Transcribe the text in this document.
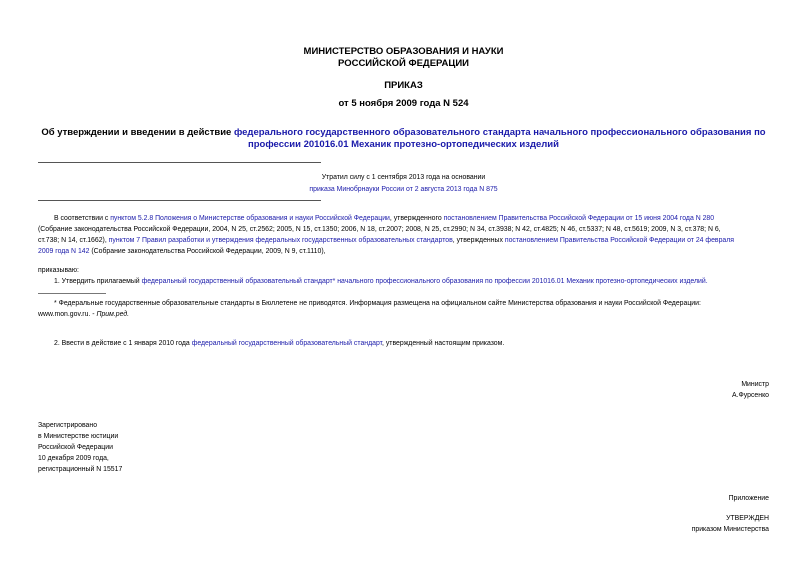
МИНИСТЕРСТВО ОБРАЗОВАНИЯ И НАУКИ
РОССИЙСКОЙ ФЕДЕРАЦИИ
ПРИКАЗ
от 5 ноября 2009 года N 524
Об утверждении и введении в действие федерального государственного образовательного стандарта начального профессионального образования по
профессии 201016.01 Механик протезно-ортопедических изделий
Утратил силу с 1 сентября 2013 года на основании
приказа Минобрнауки России от 2 августа 2013 года N 875
В соответствии с пунктом 5.2.8 Положения о Министерстве образования и науки Российской Федерации, утвержденного постановлением Правительства Российской Федерации от 15 июня 2004 года N 280
(Собрание законодательства Российской Федерации, 2004, N 25, ст.2562; 2005, N 15, ст.1350; 2006, N 18, ст.2007; 2008, N 25, ст.2990; N 34, ст.3938; N 42, ст.4825; N 46, ст.5337; N 48, ст.5619; 2009, N 3, ст.378; N 6,
ст.738; N 14, ст.1662), пунктом 7 Правил разработки и утверждения федеральных государственных образовательных стандартов, утвержденных постановлением Правительства Российской Федерации от 24 февраля
2009 года N 142 (Собрание законодательства Российской Федерации, 2009, N 9, ст.1110),
приказываю:
1. Утвердить прилагаемый федеральный государственный образовательный стандарт* начального профессионального образования по профессии 201016.01 Механик протезно-ортопедических изделий.
* Федеральные государственные образовательные стандарты в Бюллетене не приводятся. Информация размещена на официальном сайте Министерства образования и науки Российской Федерации:
www.mon.gov.ru. - Прим.ред.
2. Ввести в действие с 1 января 2010 года федеральный государственный образовательный стандарт, утвержденный настоящим приказом.
Министр
А.Фурсенко
Зарегистрировано
в Министерстве юстиции
Российской Федерации
10 декабря 2009 года,
регистрационный N 15517
Приложение
УТВЕРЖДЕН
приказом Министерства
